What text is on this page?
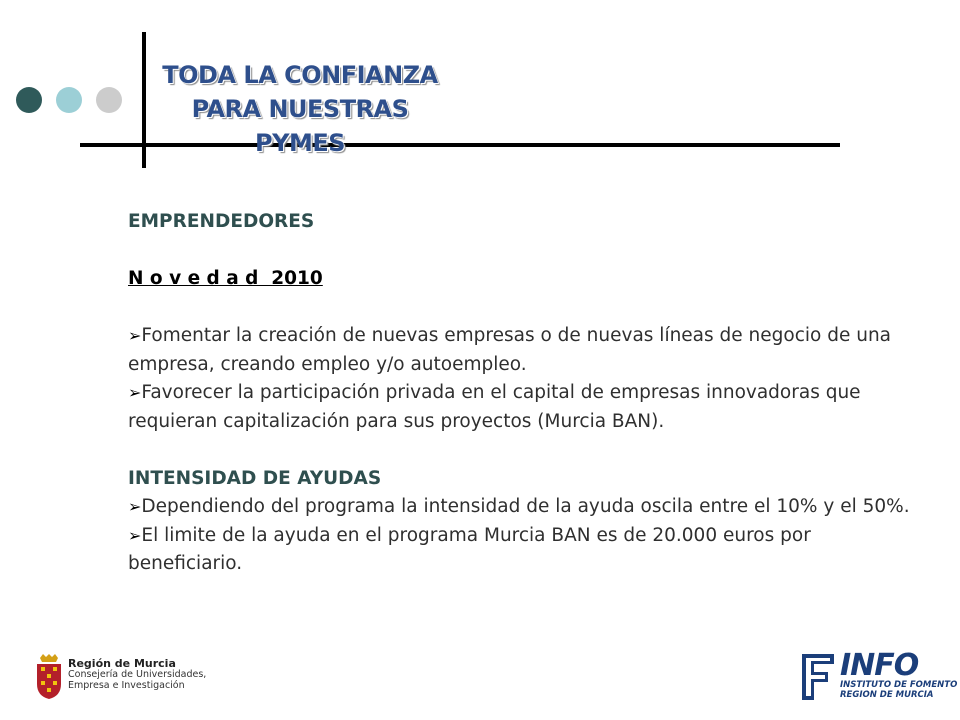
TODA LA CONFIANZA
PARA NUESTRAS PYMES
EMPRENDEDORES
N o v e d a d  2010

➢Fomentar la creación de nuevas empresas o de nuevas líneas de negocio de una empresa, creando empleo y/o autoempleo.

➢Favorecer la participación privada en el capital de empresas innovadoras que requieran capitalización para sus proyectos (Murcia BAN).

INTENSIDAD DE AYUDAS

➢Dependiendo del programa la intensidad de la ayuda oscila entre el 10% y el 50%.

➢El limite de la ayuda en el programa Murcia BAN es de 20.000 euros por beneficiario.

Región de Murcia
Consejería de Universidades,
Empresa e Investigación
INFO
INSTITUTO DE FOMENTO
REGION DE MURCIA
